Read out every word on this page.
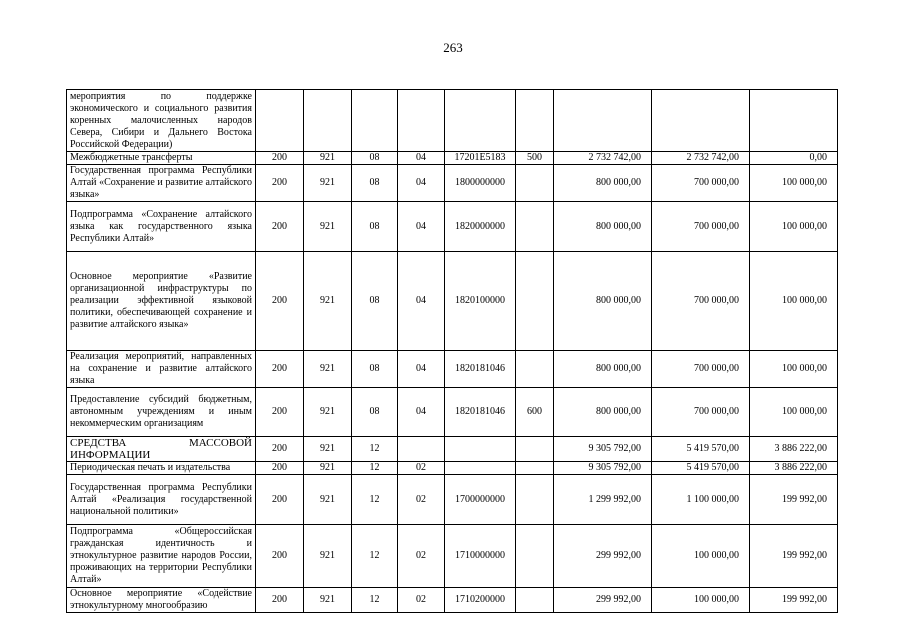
263
мероприятия по поддержке экономического и социального развития коренных малочисленных народов Севера, Сибири и Дальнего Востока Российской Федерации)									
Межбюджетные трансферты	200	921	08	04	17201E5183	500	2 732 742,00	2 732 742,00	0,00
Государственная программа Республики Алтай «Сохранение и развитие алтайского языка»	200	921	08	04	1800000000		800 000,00	700 000,00	100 000,00
Подпрограмма «Сохранение алтайского языка как государственного языка Республики Алтай»	200	921	08	04	1820000000		800 000,00	700 000,00	100 000,00
Основное мероприятие «Развитие организационной инфраструктуры по реализации эффективной языковой политики, обеспечивающей сохранение и развитие алтайского языка»	200	921	08	04	1820100000		800 000,00	700 000,00	100 000,00
Реализация мероприятий, направленных на сохранение и развитие алтайского языка	200	921	08	04	1820181046		800 000,00	700 000,00	100 000,00
Предоставление субсидий бюджетным, автономным учреждениям и иным некоммерческим организациям	200	921	08	04	1820181046	600	800 000,00	700 000,00	100 000,00
СРЕДСТВА МАССОВОЙ ИНФОРМАЦИИ	200	921	12				9 305 792,00	5 419 570,00	3 886 222,00
Периодическая печать и издательства	200	921	12	02			9 305 792,00	5 419 570,00	3 886 222,00
Государственная программа Республики Алтай «Реализация государственной национальной политики»	200	921	12	02	1700000000		1 299 992,00	1 100 000,00	199 992,00
Подпрограмма «Общероссийская гражданская идентичность и этнокультурное развитие народов России, проживающих на территории Республики Алтай»	200	921	12	02	1710000000		299 992,00	100 000,00	199 992,00
Основное мероприятие «Содействие этнокультурному многообразию	200	921	12	02	1710200000		299 992,00	100 000,00	199 992,00
